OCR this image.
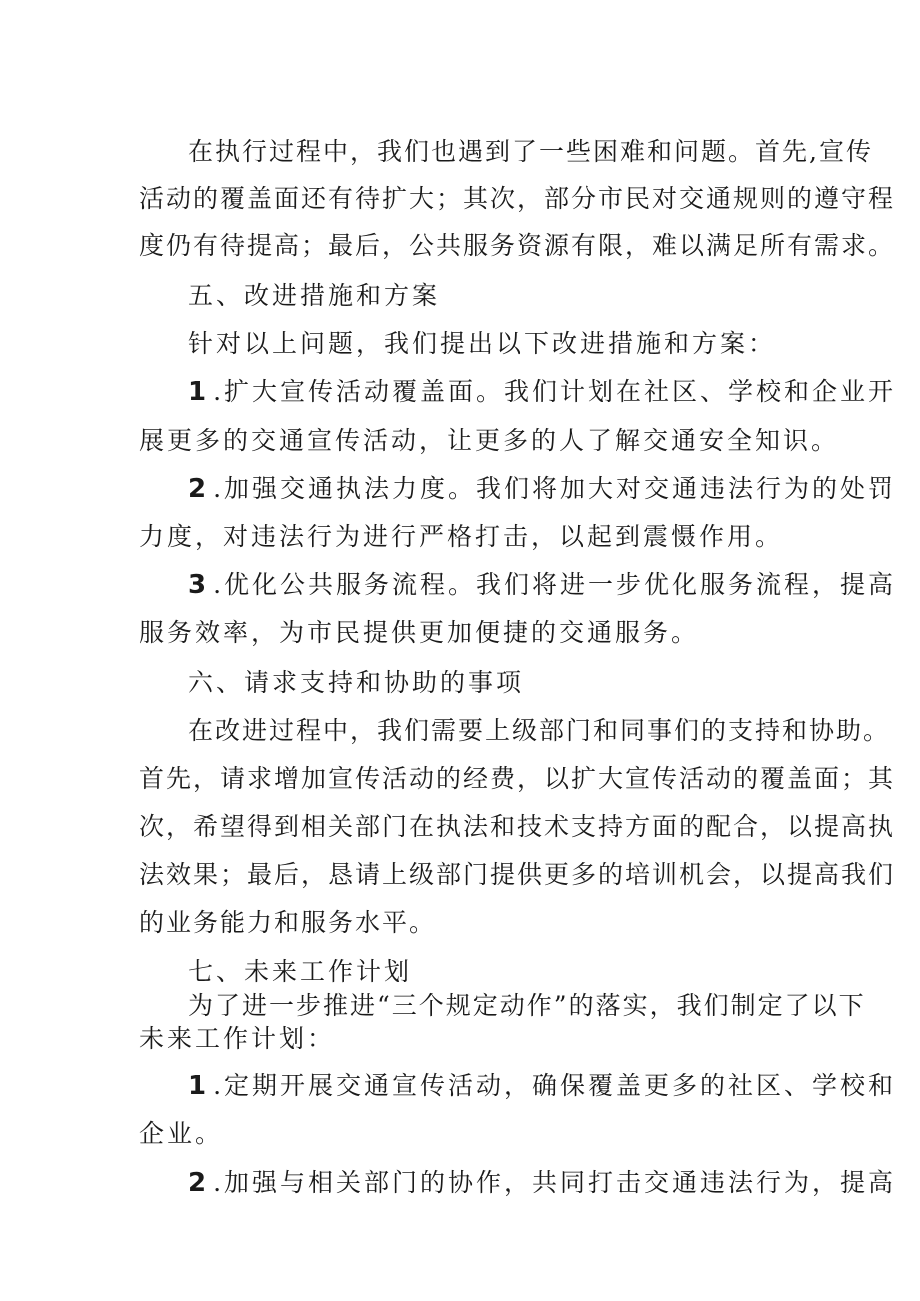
在执行过程中，我们也遇到了一些困难和问题。首先,宣传
活动的覆盖面还有待扩大；其次，部分市民对交通规则的遵守程
度仍有待提高；最后，公共服务资源有限，难以满足所有需求。
五、改进措施和方案
针对以上问题，我们提出以下改进措施和方案：
1 .扩大宣传活动覆盖面。我们计划在社区、学校和企业开
展更多的交通宣传活动，让更多的人了解交通安全知识。
2 .加强交通执法力度。我们将加大对交通违法行为的处罚
力度，对违法行为进行严格打击，以起到震慑作用。
3 .优化公共服务流程。我们将进一步优化服务流程，提高
服务效率，为市民提供更加便捷的交通服务。
六、请求支持和协助的事项
在改进过程中，我们需要上级部门和同事们的支持和协助。
首先，请求增加宣传活动的经费，以扩大宣传活动的覆盖面；其
次，希望得到相关部门在执法和技术支持方面的配合，以提高执
法效果；最后，恳请上级部门提供更多的培训机会，以提高我们
的业务能力和服务水平。
七、未来工作计划
为了进一步推进“三个规定动作”的落实，我们制定了以下
未来工作计划：
1 .定期开展交通宣传活动，确保覆盖更多的社区、学校和
企业。
2 .加强与相关部门的协作，共同打击交通违法行为，提高
